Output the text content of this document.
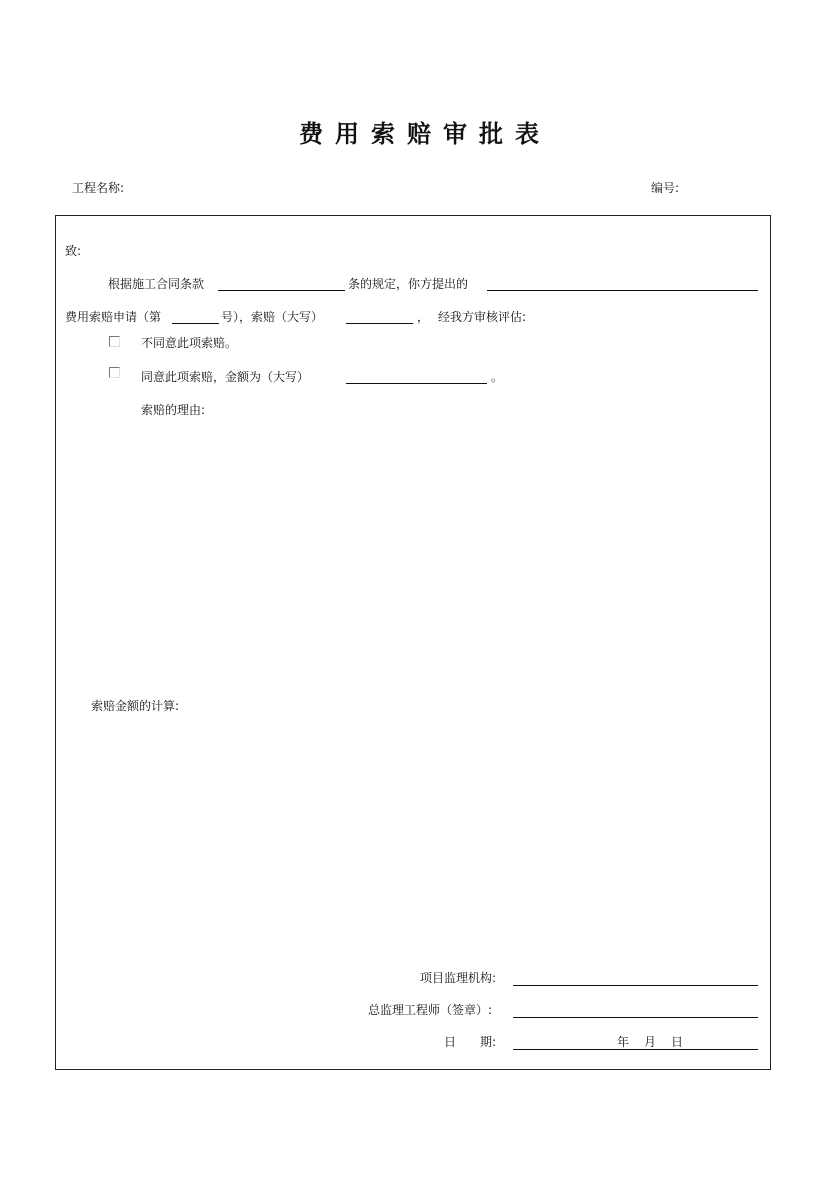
费用索赔审批表
工程名称:	编号:
致:
根据施工合同条款	条的规定，你方提出的
费用索赔申请（第	号），索赔（大写）	， 经我方审核评估:
不同意此项索赔。
同意此项索赔，金额为（大写）	。
索赔的理由:
索赔金额的计算:
项目监理机构:
总监理工程师（签章）:
日　　期:	年 月 日
